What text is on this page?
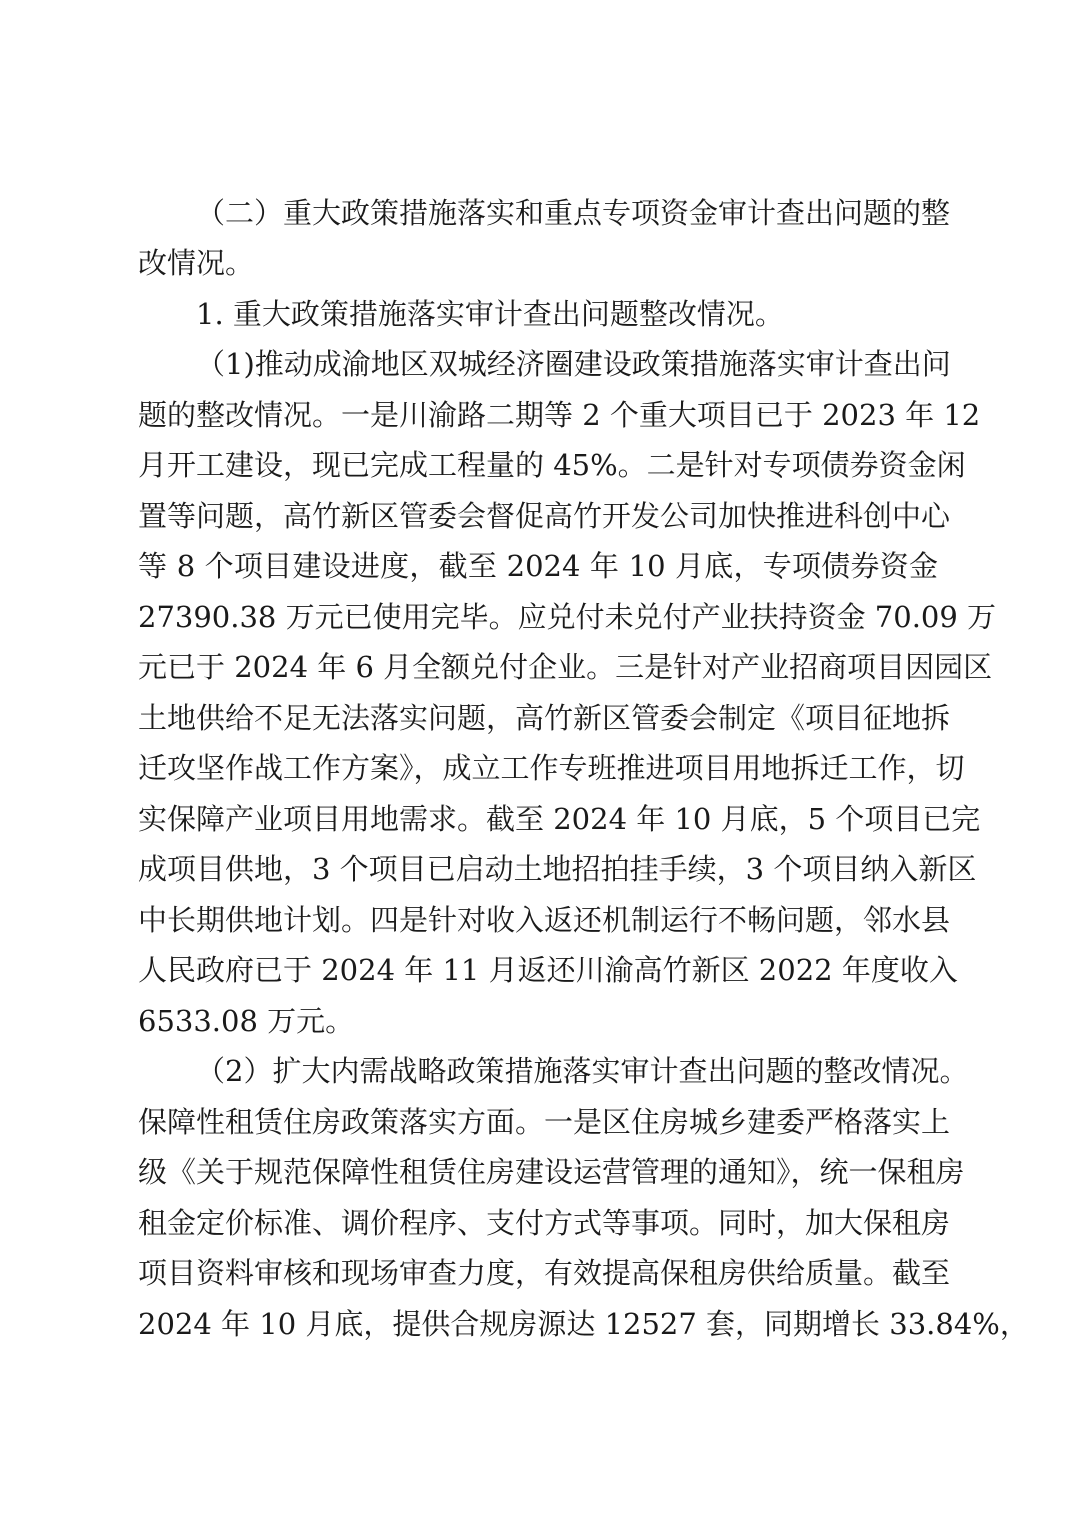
（二）重大政策措施落实和重点专项资金审计查出问题的整
改情况。
1. 重大政策措施落实审计查出问题整改情况。
（1)推动成渝地区双城经济圈建设政策措施落实审计查出问
题的整改情况。一是川渝路二期等 2 个重大项目已于 2023 年 12
月开工建设，现已完成工程量的 45%。二是针对专项债券资金闲
置等问题，高竹新区管委会督促高竹开发公司加快推进科创中心
等 8 个项目建设进度，截至 2024 年 10 月底，专项债券资金
27390.38 万元已使用完毕。应兑付未兑付产业扶持资金 70.09 万
元已于 2024 年 6 月全额兑付企业。三是针对产业招商项目因园区
土地供给不足无法落实问题，高竹新区管委会制定《项目征地拆
迁攻坚作战工作方案》，成立工作专班推进项目用地拆迁工作，切
实保障产业项目用地需求。截至 2024 年 10 月底，5 个项目已完
成项目供地，3 个项目已启动土地招拍挂手续，3 个项目纳入新区
中长期供地计划。四是针对收入返还机制运行不畅问题，邻水县
人民政府已于 2024 年 11 月返还川渝高竹新区 2022 年度收入
6533.08 万元。
（2）扩大内需战略政策措施落实审计查出问题的整改情况。
保障性租赁住房政策落实方面。一是区住房城乡建委严格落实上
级《关于规范保障性租赁住房建设运营管理的通知》，统一保租房
租金定价标准、调价程序、支付方式等事项。同时，加大保租房
项目资料审核和现场审查力度，有效提高保租房供给质量。截至
2024 年 10 月底，提供合规房源达 12527 套，同期增长 33.84%，
